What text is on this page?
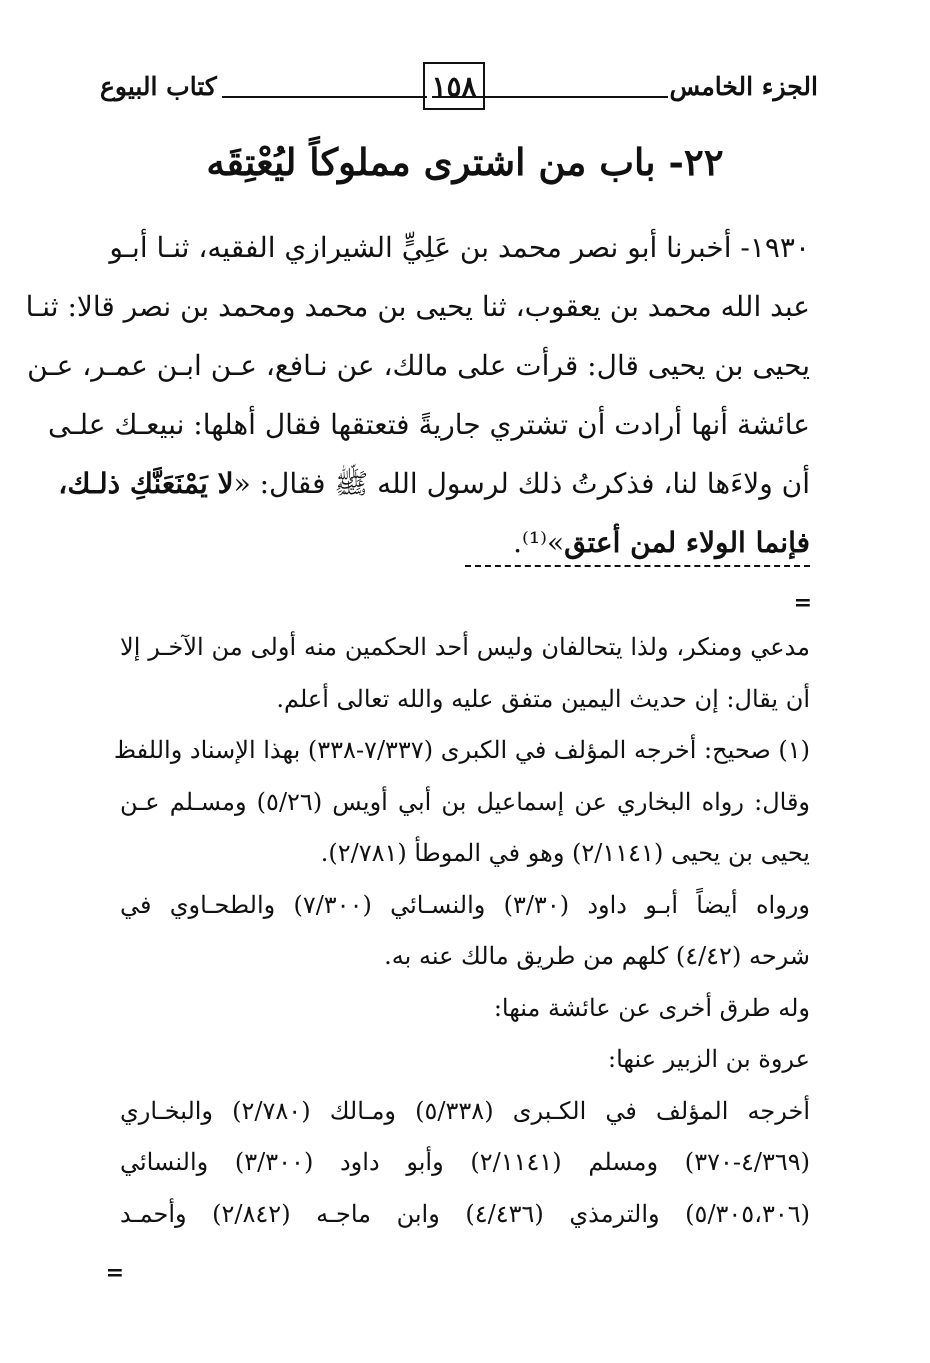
الجزء الخامس
١٥٨
كتاب البيوع
٢٢- باب من اشترى مملوكاً ليُعْتِقَه
١٩٣٠- أخبرنا أبو نصر محمد بن عَلِيٍّ الشيرازي الفقيه، ثنـا أبـو
عبد الله محمد بن يعقوب، ثنا يحيى بن محمد ومحمد بن نصر قالا: ثنـا
يحيى بن يحيى قال: قرأت على مالك، عن نـافع، عـن ابـن عمـر، عـن
عائشة أنها أرادت أن تشتري جاريةً فتعتقها فقال أهلها: نبيعـك علـى
أن ولاءَها لنا، فذكرتُ ذلك لرسول الله ﷺ فقال: «لا يَمْنَعَنَّكِ ذلـك،
فإنما الولاء لمن أعتق»⁽¹⁾.
=
مدعي ومنكر، ولذا يتحالفان وليس أحد الحكمين منه أولى من الآخـر إلا
أن يقال: إن حديث اليمين متفق عليه والله تعالى أعلم.
(١) صحيح: أخرجه المؤلف في الكبرى (٧/٣٣٧-٣٣٨) بهذا الإسناد واللفظ
وقال: رواه البخاري عن إسماعيل بن أبي أويس (٥/٢٦) ومسـلم عـن
يحيى بن يحيى (٢/١١٤١) وهو في الموطأ (٢/٧٨١).
ورواه أيضاً أبـو داود (٣/٣٠) والنسـائي (٧/٣٠٠) والطحـاوي في
شرحه (٤/٤٢) كلهم من طريق مالك عنه به.
وله طرق أخرى عن عائشة منها:
عروة بن الزبير عنها:
أخرجه المؤلف في الكـبرى (٥/٣٣٨) ومـالك (٢/٧٨٠) والبخـاري
(٤/٣٦٩-٣٧٠) ومسلم (٢/١١٤١) وأبو داود (٣/٣٠٠) والنسائي
(٥/٣٠٥،٣٠٦) والترمذي (٤/٤٣٦) وابن ماجـه (٢/٨٤٢) وأحمـد
=
